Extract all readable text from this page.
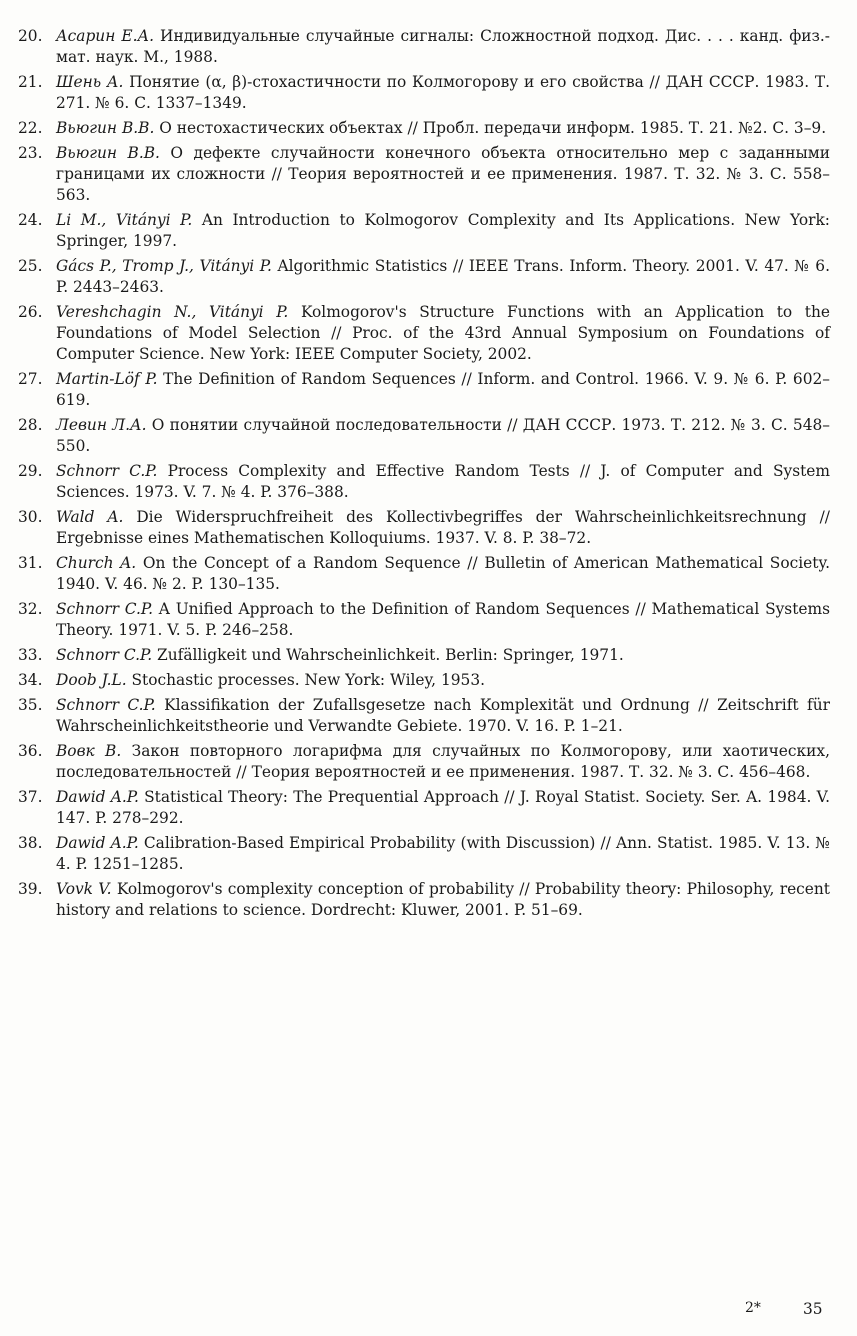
20. Асарин Е.А. Индивидуальные случайные сигналы: Сложностной подход. Дис. . . . канд. физ.-мат. наук. М., 1988.
21. Шень А. Понятие (α, β)-стохастичности по Колмогорову и его свойства // ДАН СССР. 1983. Т. 271. № 6. С. 1337–1349.
22. Вьюгин В.В. О нестохастических объектах // Пробл. передачи информ. 1985. Т. 21. №2. С. 3–9.
23. Вьюгин В.В. О дефекте случайности конечного объекта относительно мер с заданными границами их сложности // Теория вероятностей и ее применения. 1987. Т. 32. № 3. С. 558–563.
24. Li M., Vitányi P. An Introduction to Kolmogorov Complexity and Its Applications. New York: Springer, 1997.
25. Gács P., Tromp J., Vitányi P. Algorithmic Statistics // IEEE Trans. Inform. Theory. 2001. V. 47. № 6. P. 2443–2463.
26. Vereshchagin N., Vitányi P. Kolmogorov's Structure Functions with an Application to the Foundations of Model Selection // Proc. of the 43rd Annual Symposium on Foundations of Computer Science. New York: IEEE Computer Society, 2002.
27. Martin-Löf P. The Definition of Random Sequences // Inform. and Control. 1966. V. 9. № 6. P. 602–619.
28. Левин Л.А. О понятии случайной последовательности // ДАН СССР. 1973. Т. 212. № 3. С. 548–550.
29. Schnorr C.P. Process Complexity and Effective Random Tests // J. of Computer and System Sciences. 1973. V. 7. № 4. P. 376–388.
30. Wald A. Die Widerspruchfreiheit des Kollectivbegriffes der Wahrscheinlichkeitsrechnung // Ergebnisse eines Mathematischen Kolloquiums. 1937. V. 8. P. 38–72.
31. Church A. On the Concept of a Random Sequence // Bulletin of American Mathematical Society. 1940. V. 46. № 2. P. 130–135.
32. Schnorr C.P. A Unified Approach to the Definition of Random Sequences // Mathematical Systems Theory. 1971. V. 5. P. 246–258.
33. Schnorr C.P. Zufälligkeit und Wahrscheinlichkeit. Berlin: Springer, 1971.
34. Doob J.L. Stochastic processes. New York: Wiley, 1953.
35. Schnorr C.P. Klassifikation der Zufallsgesetze nach Komplexität und Ordnung // Zeitschrift für Wahrscheinlichkeitstheorie und Verwandte Gebiete. 1970. V. 16. P. 1–21.
36. Вовк В. Закон повторного логарифма для случайных по Колмогорову, или хаотических, последовательностей // Теория вероятностей и ее применения. 1987. Т. 32. № 3. С. 456–468.
37. Dawid A.P. Statistical Theory: The Prequential Approach // J. Royal Statist. Society. Ser. A. 1984. V. 147. P. 278–292.
38. Dawid A.P. Calibration-Based Empirical Probability (with Discussion) // Ann. Statist. 1985. V. 13. № 4. P. 1251–1285.
39. Vovk V. Kolmogorov's complexity conception of probability // Probability theory: Philosophy, recent history and relations to science. Dordrecht: Kluwer, 2001. P. 51–69.
2*	35
